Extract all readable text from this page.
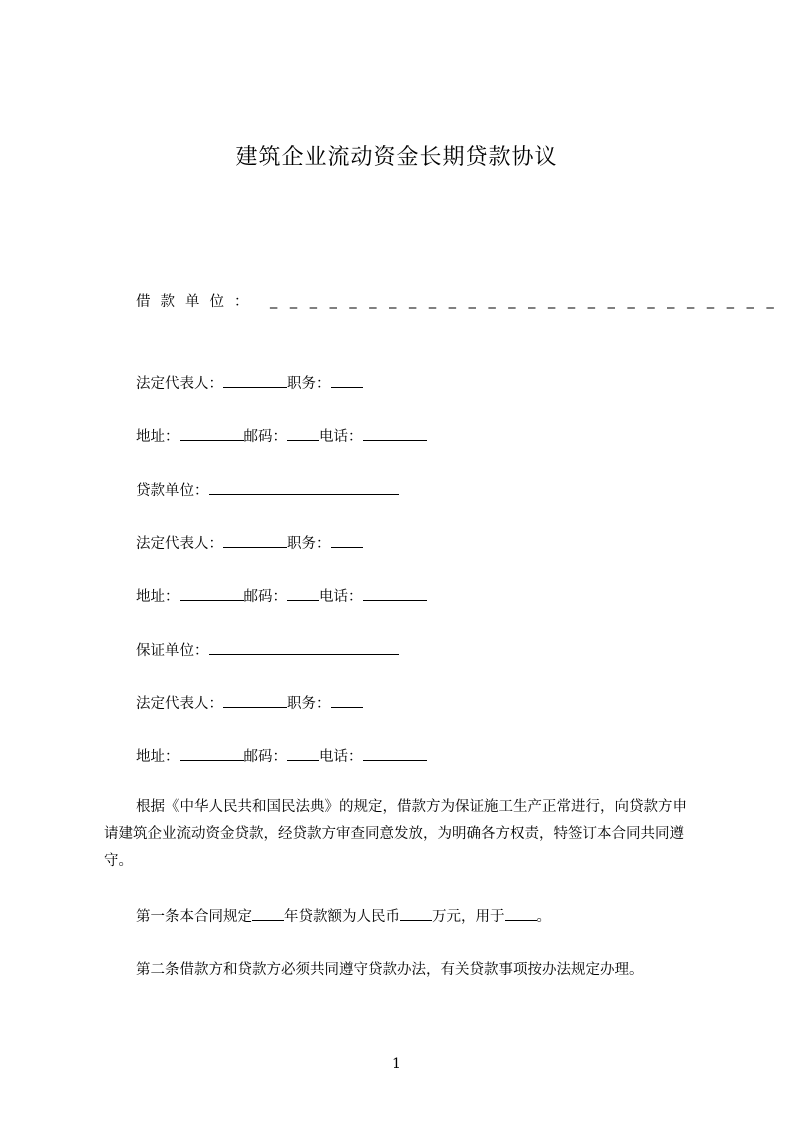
建筑企业流动资金长期贷款协议

借款单位： _ _ _ _ _ _ _ _ _ _ _ _ _ _ _ _ _ _ _ _ _ _ _ _ _ _

法定代表人：	职务：

地址：	邮码： 电话：

贷款单位：

法定代表人：	职务：

地址：	邮码： 电话：

保证单位：

法定代表人：	职务：

地址：	邮码： 电话：

根据《中华人民共和国民法典》的规定，借款方为保证施工生产正常进行，向贷款方申请建筑企业流动资金贷款，经贷款方审查同意发放，为明确各方权责，特签订本合同共同遵守。

第一条本合同规定 年贷款额为人民币 万元，用于 。

第二条借款方和贷款方必须共同遵守贷款办法，有关贷款事项按办法规定办理。

1
